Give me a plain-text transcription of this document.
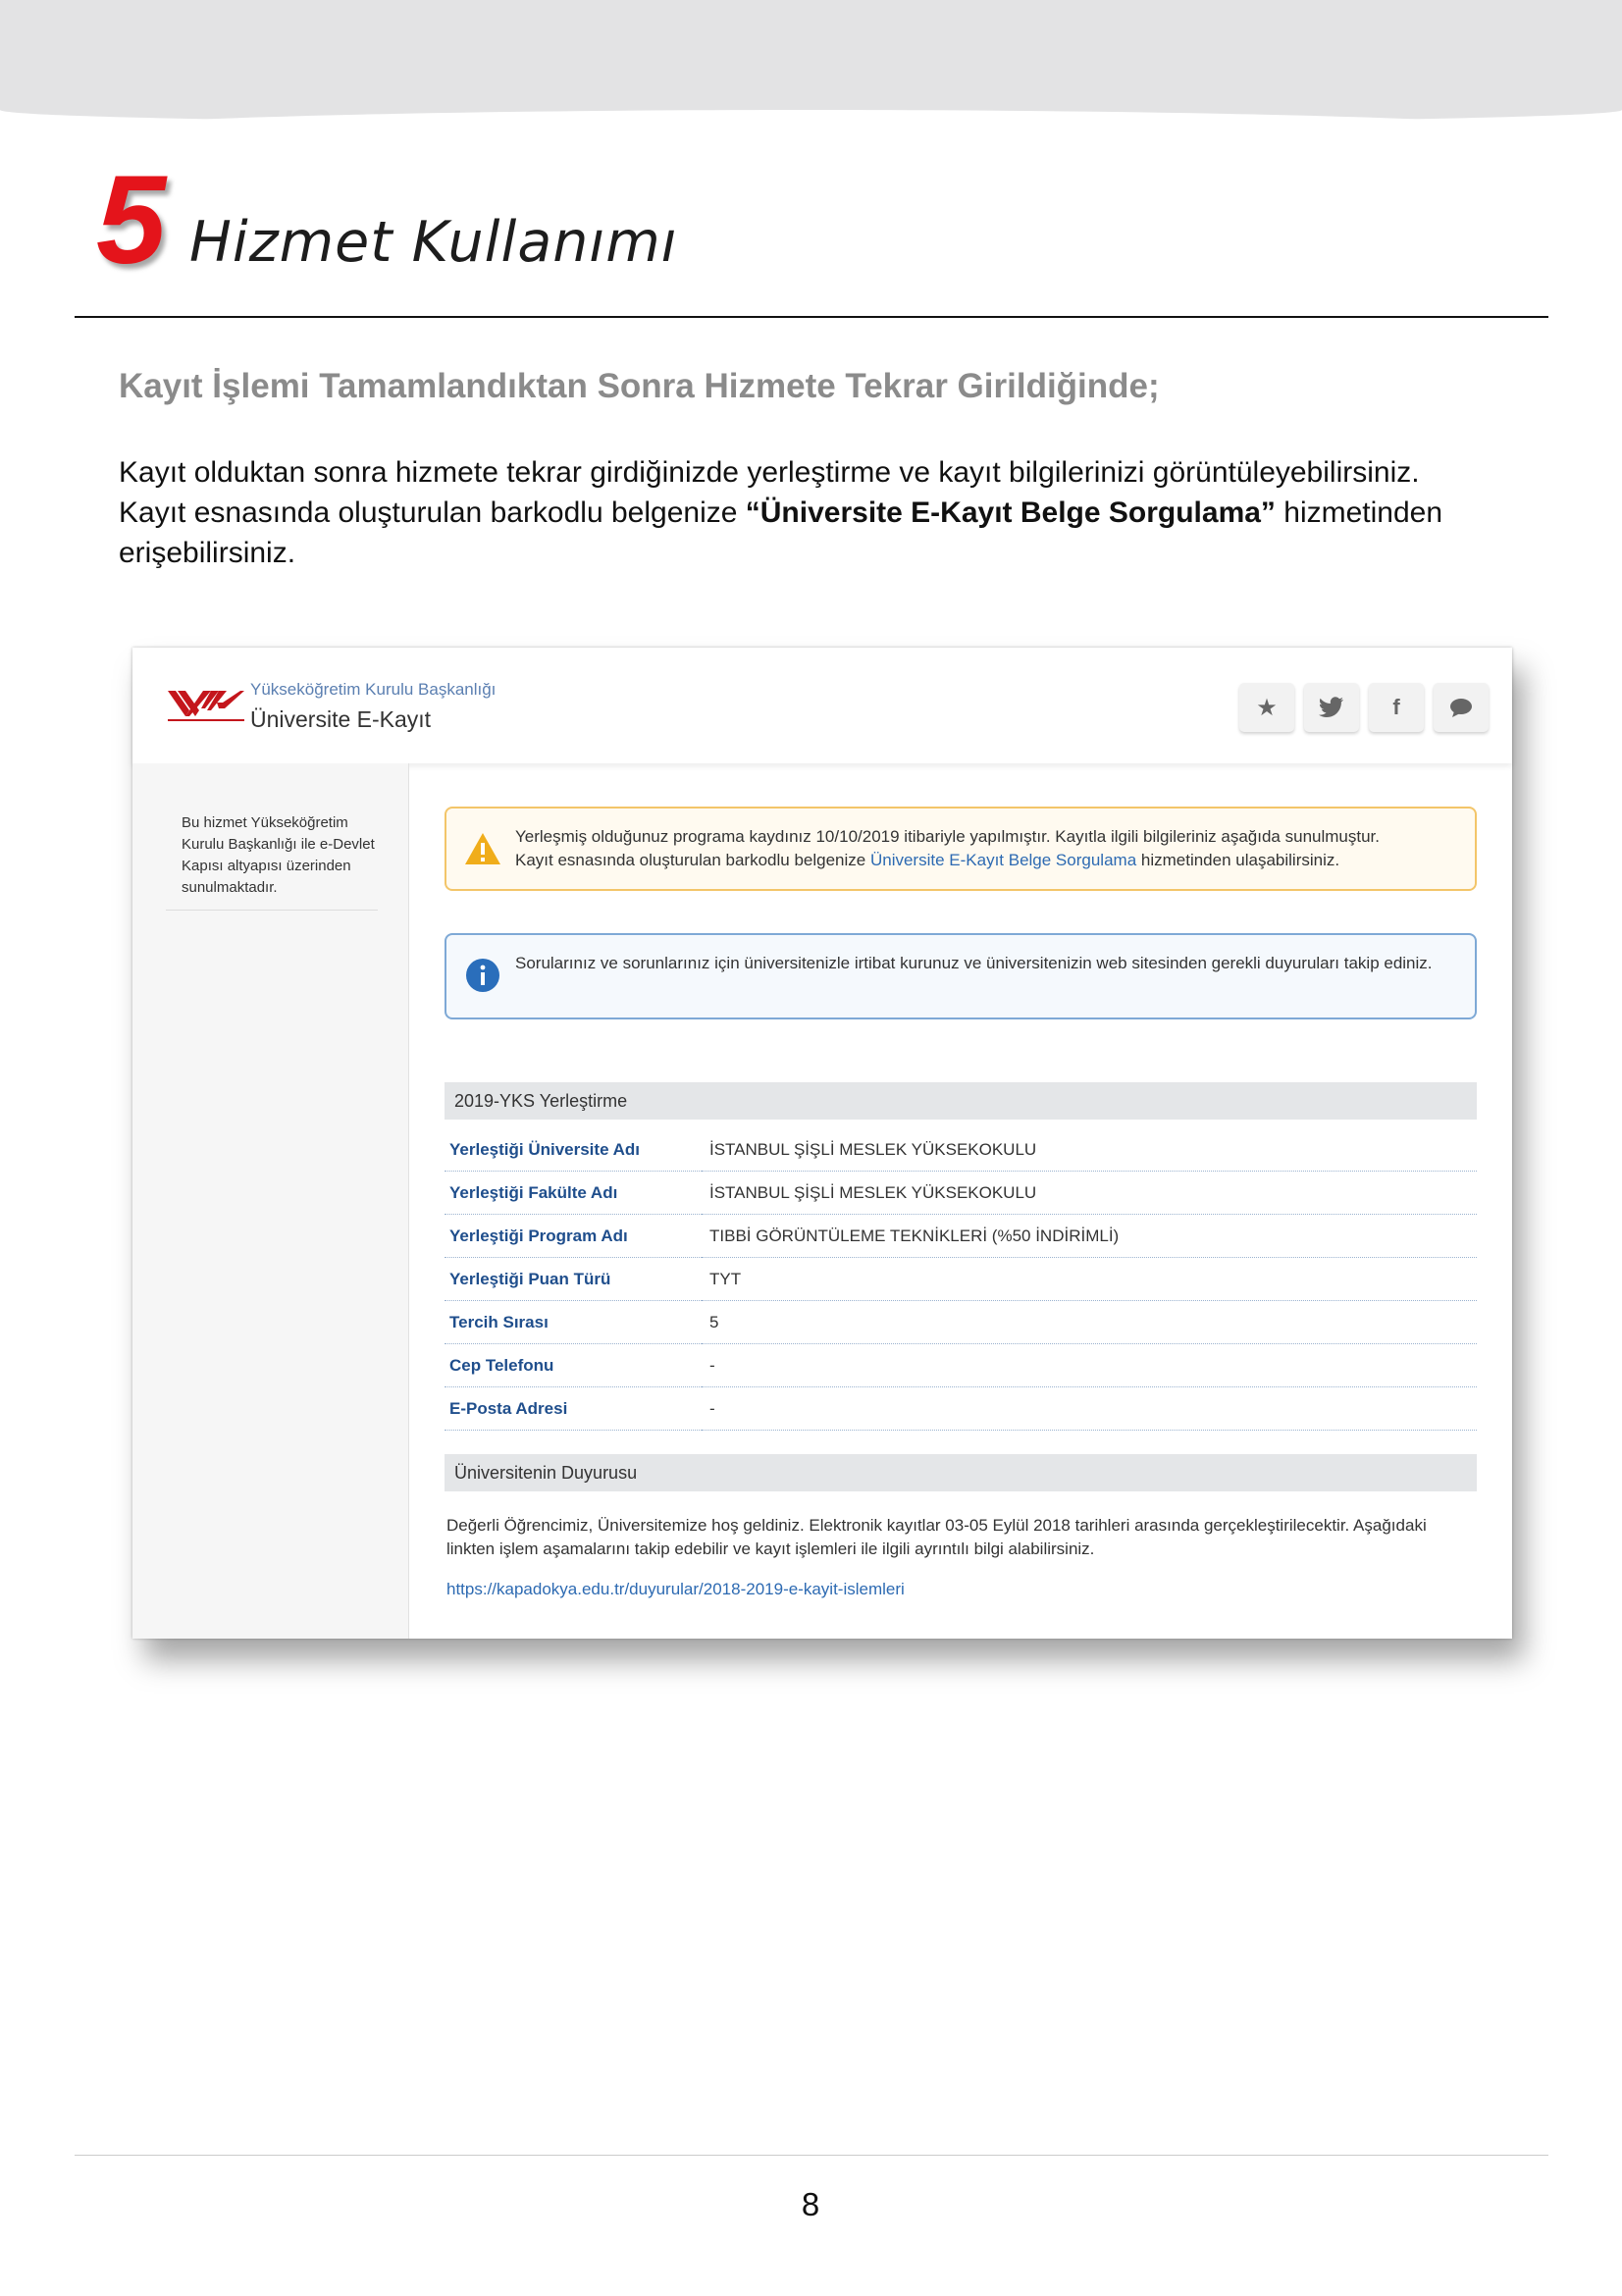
5 Hizmet Kullanımı
Kayıt İşlemi Tamamlandıktan Sonra Hizmete Tekrar Girildiğinde;
Kayıt olduktan sonra hizmete tekrar girdiğinizde yerleştirme ve kayıt bilgilerinizi görüntüleyebilirsiniz.
Kayıt esnasında oluşturulan barkodlu belgenize “Üniversite E-Kayıt Belge Sorgulama” hizmetinden
erişebilirsiniz.
Yükseköğretim Kurulu Başkanlığı
Üniversite E-Kayıt	★	f
Bu hizmet Yükseköğretim Kurulu Başkanlığı ile e-Devlet Kapısı altyapısı üzerinden sunulmaktadır.
Yerleşmiş olduğunuz programa kaydınız 10/10/2019 itibariyle yapılmıştır. Kayıtla ilgili bilgileriniz aşağıda sunulmuştur.
Kayıt esnasında oluşturulan barkodlu belgenize Üniversite E-Kayıt Belge Sorgulama hizmetinden ulaşabilirsiniz.
Sorularınız ve sorunlarınız için üniversitenizle irtibat kurunuz ve üniversitenizin web sitesinden gerekli duyuruları takip ediniz.
2019-YKS Yerleştirme
Yerleştiği Üniversite Adı	İSTANBUL ŞİŞLİ MESLEK YÜKSEKOKULU
Yerleştiği Fakülte Adı	İSTANBUL ŞİŞLİ MESLEK YÜKSEKOKULU
Yerleştiği Program Adı	TIBBİ GÖRÜNTÜLEME TEKNİKLERİ (%50 İNDİRİMLİ)
Yerleştiği Puan Türü	TYT
Tercih Sırası	5
Cep Telefonu	-
E-Posta Adresi	-
Üniversitenin Duyurusu
Değerli Öğrencimiz, Üniversitemize hoş geldiniz. Elektronik kayıtlar 03-05 Eylül 2018 tarihleri arasında gerçekleştirilecektir. Aşağıdaki linkten işlem aşamalarını takip edebilir ve kayıt işlemleri ile ilgili ayrıntılı bilgi alabilirsiniz.
https://kapadokya.edu.tr/duyurular/2018-2019-e-kayit-islemleri
8
